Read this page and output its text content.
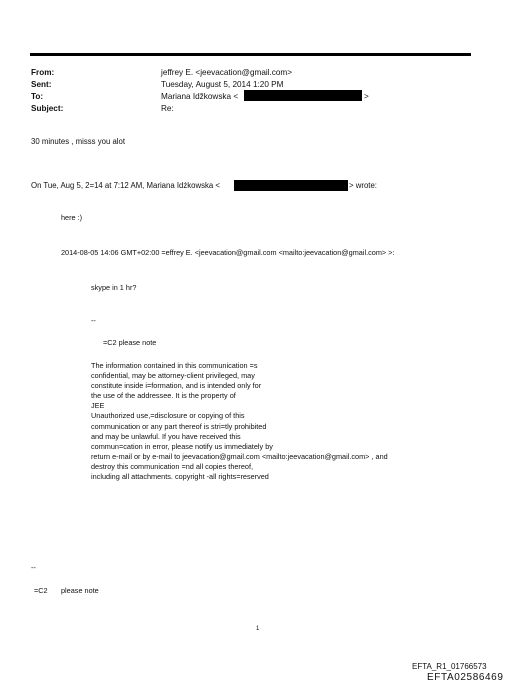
From:
Sent:
To:
Subject:
jeffrey E. <jeevacation@gmail.com>
Tuesday, August 5, 2014 1:20 PM
Mariana Idžkowska <	>
Re:
30 minutes , misss you alot
On Tue, Aug 5, 2=14 at 7:12 AM, Mariana Idżkowska <	> wrote:
here :)
2014-08-05 14:06 GMT+02:00 =effrey E. <jeevacation@gmail.com <mailto:jeevacation@gmail.com> >:
skype in 1 hr?
--
=C2 please note
The information contained in this communication =s
confidential, may be attorney-client privileged, may
constitute inside i=formation, and is intended only for
the use of the addressee. It is the property of
JEE
Unauthorized use,=disclosure or copying of this
communication or any part thereof is stri=tly prohibited
and may be unlawful. If you have received this
commun=cation in error, please notify us immediately by
return e-mail or by e-mail to jeevacation@gmail.com <mailto:jeevacation@gmail.com> , and
destroy this communication =nd all copies thereof,
including all attachments. copyright -all rights=reserved
--
=C2 please note
1
EFTA_R1_01766573
EFTA02586469
